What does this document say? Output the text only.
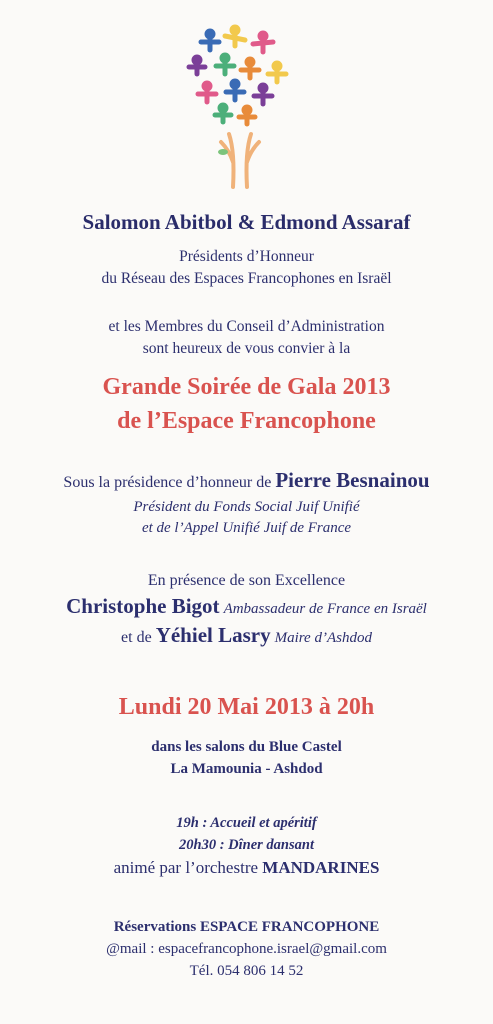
Salomon Abitbol & Edmond Assaraf
Présidents d’Honneur
du Réseau des Espaces Francophones en Israël
et les Membres du Conseil d’Administration
sont heureux de vous convier à la
Grande Soirée de Gala 2013
de l’Espace Francophone
Sous la présidence d’honneur de Pierre Besnainou
Président du Fonds Social Juif Unifié
et de l’Appel Unifié Juif de France
En présence de son Excellence
Christophe Bigot Ambassadeur de France en Israël
et de Yéhiel Lasry Maire d’Ashdod
Lundi 20 Mai 2013 à 20h
dans les salons du Blue Castel
La Mamounia - Ashdod
19h : Accueil et apéritif
20h30 : Dîner dansant
animé par l’orchestre MANDARINES
Réservations ESPACE FRANCOPHONE
@mail : espacefrancophone.israel@gmail.com
Tél. 054 806 14 52
